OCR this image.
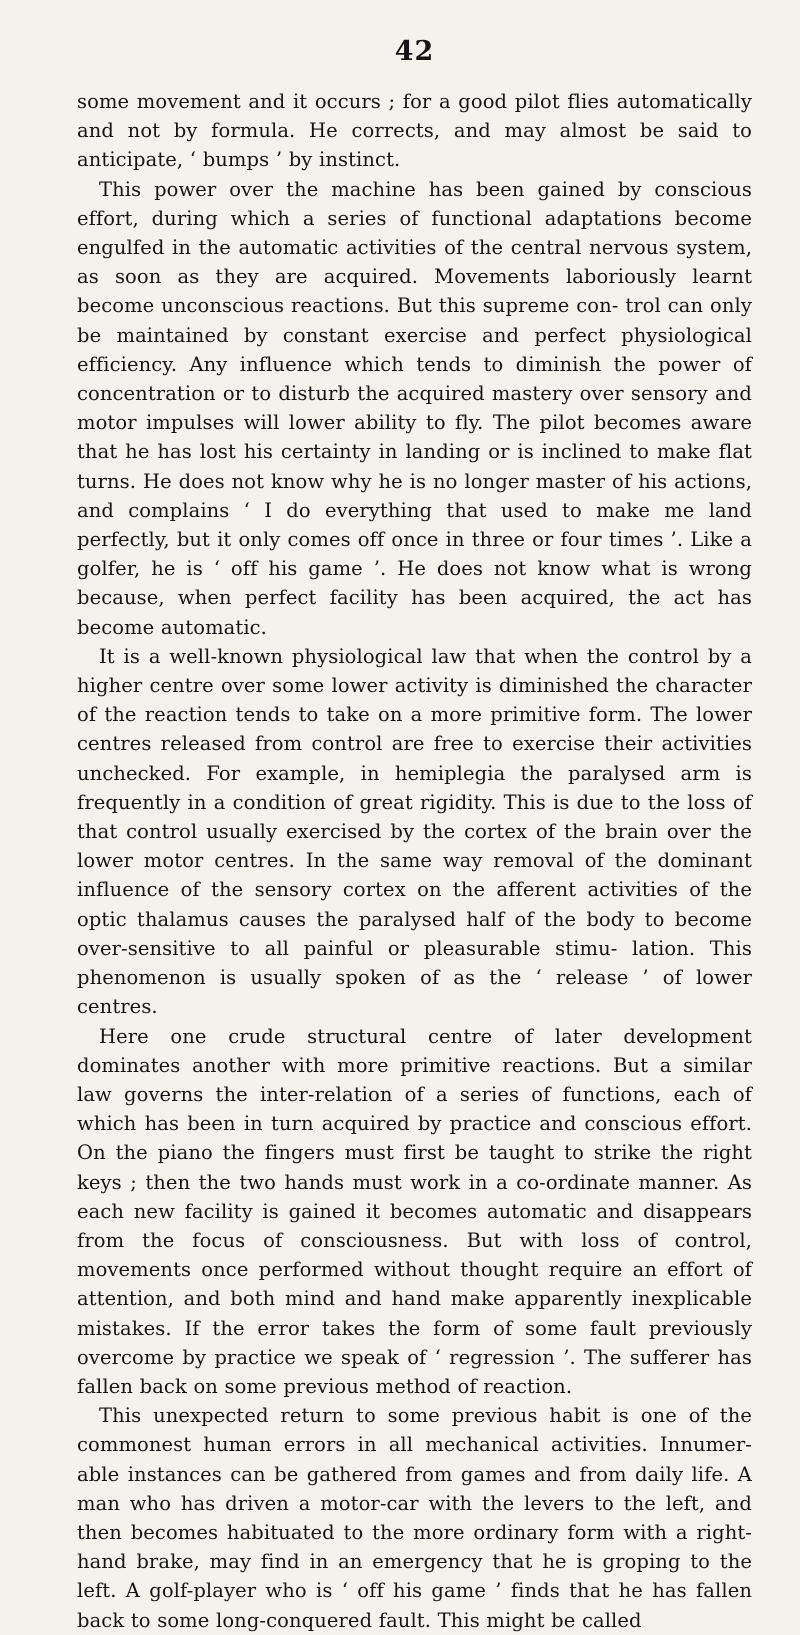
42

some movement and it occurs ; for a good pilot flies automatically and not by formula. He corrects, and may almost be said to anticipate, ‘ bumps ’ by instinct.

This power over the machine has been gained by conscious effort, during which a series of functional adaptations become engulfed in the automatic activities of the central nervous system, as soon as they are acquired. Movements laboriously learnt become unconscious reactions. But this supreme con- trol can only be maintained by constant exercise and perfect physiological efficiency. Any influence which tends to diminish the power of concentration or to disturb the acquired mastery over sensory and motor impulses will lower ability to fly. The pilot becomes aware that he has lost his certainty in landing or is inclined to make flat turns. He does not know why he is no longer master of his actions, and complains ‘ I do everything that used to make me land perfectly, but it only comes off once in three or four times ’. Like a golfer, he is ‘ off his game ’. He does not know what is wrong because, when perfect facility has been acquired, the act has become automatic.

It is a well-known physiological law that when the control by a higher centre over some lower activity is diminished the character of the reaction tends to take on a more primitive form. The lower centres released from control are free to exercise their activities unchecked. For example, in hemiplegia the paralysed arm is frequently in a condition of great rigidity. This is due to the loss of that control usually exercised by the cortex of the brain over the lower motor centres. In the same way removal of the dominant influence of the sensory cortex on the afferent activities of the optic thalamus causes the paralysed half of the body to become over-sensitive to all painful or pleasurable stimu- lation. This phenomenon is usually spoken of as the ‘ release ’ of lower centres.

Here one crude structural centre of later development dominates another with more primitive reactions. But a similar law governs the inter-relation of a series of functions, each of which has been in turn acquired by practice and conscious effort. On the piano the fingers must first be taught to strike the right keys ; then the two hands must work in a co-ordinate manner. As each new facility is gained it becomes automatic and disappears from the focus of consciousness. But with loss of control, movements once performed without thought require an effort of attention, and both mind and hand make apparently inexplicable mistakes. If the error takes the form of some fault previously overcome by practice we speak of ‘ regression ’. The sufferer has fallen back on some previous method of reaction.

This unexpected return to some previous habit is one of the commonest human errors in all mechanical activities. Innumer- able instances can be gathered from games and from daily life. A man who has driven a motor-car with the levers to the left, and then becomes habituated to the more ordinary form with a right-hand brake, may find in an emergency that he is groping to the left. A golf-player who is ‘ off his game ’ finds that he has fallen back to some long-conquered fault. This might be called
